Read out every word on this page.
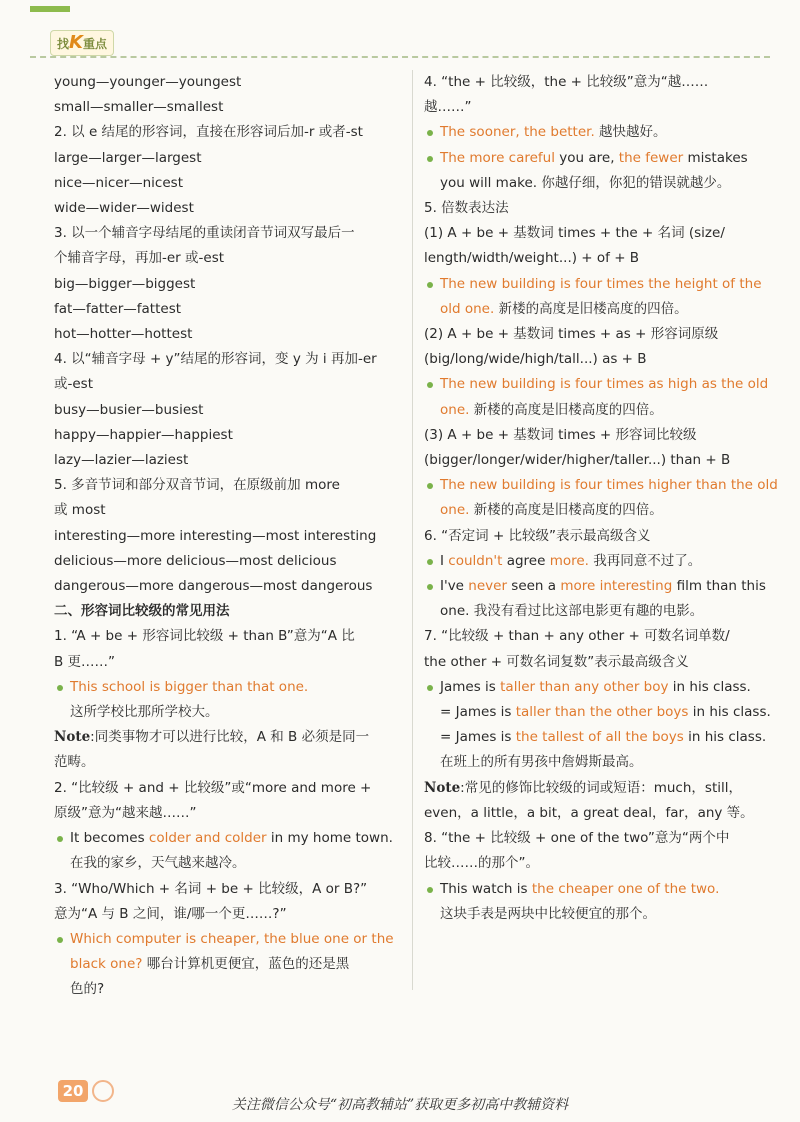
找K重点
young—younger—youngest
small—smaller—smallest
2. 以 e 结尾的形容词，直接在形容词后加-r 或者-st
large—larger—largest
nice—nicer—nicest
wide—wider—widest
3. 以一个辅音字母结尾的重读闭音节词双写最后一
个辅音字母，再加-er 或-est
big—bigger—biggest
fat—fatter—fattest
hot—hotter—hottest
4. 以“辅音字母 + y”结尾的形容词，变 y 为 i 再加-er
或-est
busy—busier—busiest
happy—happier—happiest
lazy—lazier—laziest
5. 多音节词和部分双音节词，在原级前加 more
或 most
interesting—more interesting—most interesting
delicious—more delicious—most delicious
dangerous—more dangerous—most dangerous
二、形容词比较级的常见用法
1. “A + be + 形容词比较级 + than B”意为“A 比
B 更……”
This school is bigger than that one.
这所学校比那所学校大。
Note:同类事物才可以进行比较，A 和 B 必须是同一
范畴。
2. “比较级 + and + 比较级”或“more and more +
原级”意为“越来越……”
It becomes colder and colder in my home town.
在我的家乡，天气越来越冷。
3. “Who/Which + 名词 + be + 比较级，A or B?”
意为“A 与 B 之间，谁/哪一个更……?”
Which computer is cheaper, the blue one or the
black one? 哪台计算机更便宜，蓝色的还是黑
色的?
4. “the + 比较级，the + 比较级”意为“越……
越……”
The sooner, the better. 越快越好。
The more careful you are, the fewer mistakes
you will make. 你越仔细，你犯的错误就越少。
5. 倍数表达法
(1) A + be + 基数词 times + the + 名词 (size/
length/width/weight...) + of + B
The new building is four times the height of the
old one. 新楼的高度是旧楼高度的四倍。
(2) A + be + 基数词 times + as + 形容词原级
(big/long/wide/high/tall...) as + B
The new building is four times as high as the old
one. 新楼的高度是旧楼高度的四倍。
(3) A + be + 基数词 times + 形容词比较级
(bigger/longer/wider/higher/taller...) than + B
The new building is four times higher than the old
one. 新楼的高度是旧楼高度的四倍。
6. “否定词 + 比较级”表示最高级含义
I couldn't agree more. 我再同意不过了。
I've never seen a more interesting film than this
one. 我没有看过比这部电影更有趣的电影。
7. “比较级 + than + any other + 可数名词单数/
the other + 可数名词复数”表示最高级含义
James is taller than any other boy in his class.
= James is taller than the other boys in his class.
= James is the tallest of all the boys in his class.
在班上的所有男孩中詹姆斯最高。
Note:常见的修饰比较级的词或短语：much，still，
even，a little，a bit，a great deal，far，any 等。
8. “the + 比较级 + one of the two”意为“两个中
比较……的那个”。
This watch is the cheaper one of the two.
这块手表是两块中比较便宜的那个。
20
关注微信公众号“初高教辅站”获取更多初高中教辅资料
